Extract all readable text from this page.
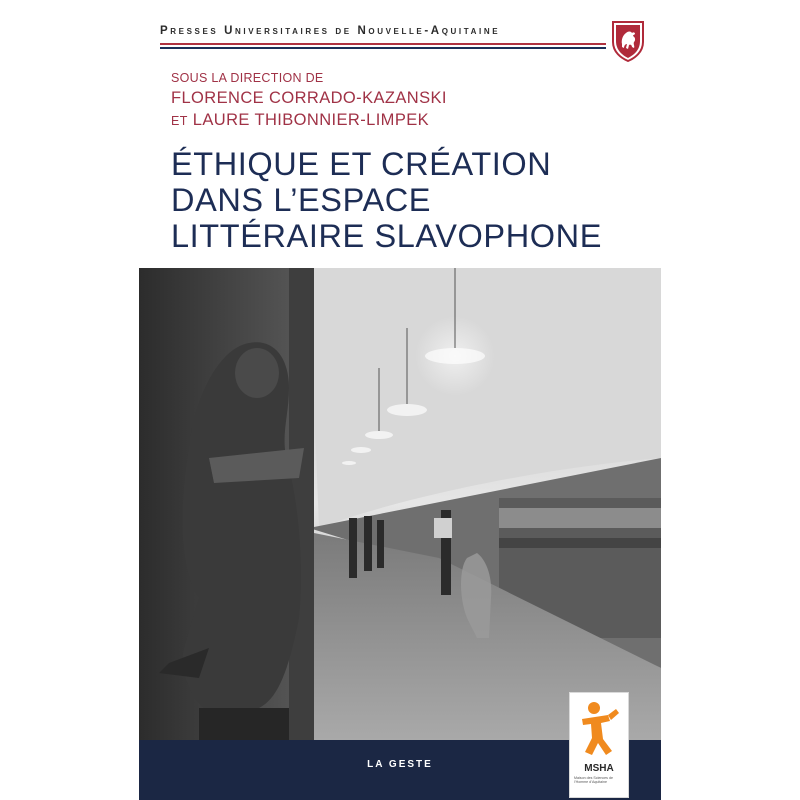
Presses Universitaires de Nouvelle-Aquitaine
SOUS LA DIRECTION DE
FLORENCE CORRADO-KAZANSKI
ET LAURE THIBONNIER-LIMPEK
ÉTHIQUE ET CRÉATION
DANS L’ESPACE
LITTÉRAIRE SLAVOPHONE
LA GESTE	MSHA
Maison des Sciences de l’Homme d’Aquitaine
